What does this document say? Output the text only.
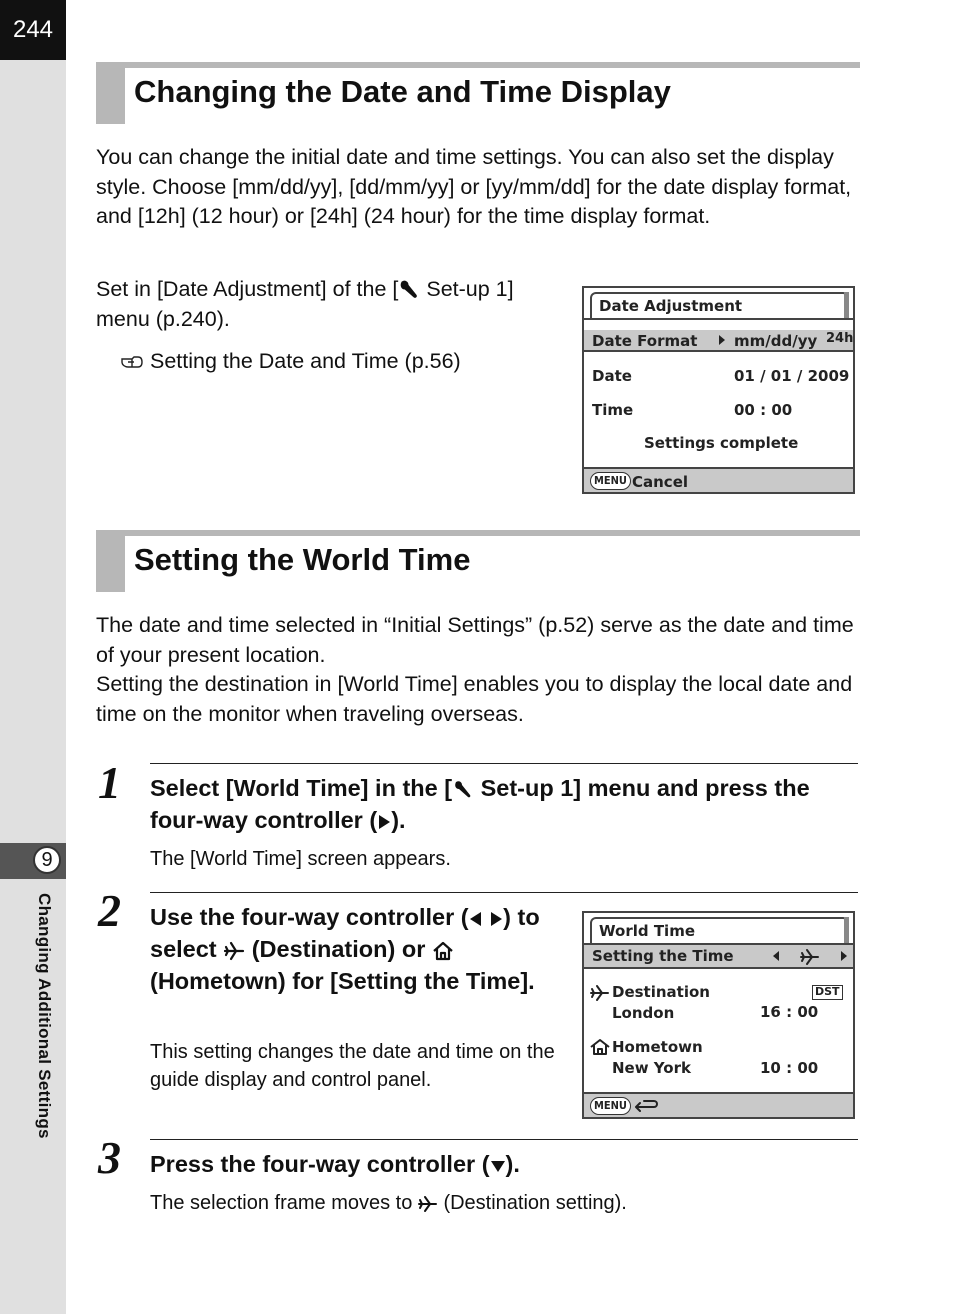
244
9
Changing Additional Settings
Changing the Date and Time Display

You can change the initial date and time settings. You can also set the display style. Choose [mm/dd/yy], [dd/mm/yy] or [yy/mm/dd] for the date display format, and [12h] (12 hour) or [24h] (24 hour) for the time display format.

Set in [Date Adjustment] of the [
Set-up 1] menu (p.240).

Setting the Date and Time (p.56)
Date Adjustment
Date Format mm/dd/yy 24h
Date	01 / 01 / 2009
Time	00 : 00
Settings complete
MENU Cancel
Setting the World Time

The date and time selected in “Initial Settings” (p.52) serve as the date and time of your present location.

Setting the destination in [World Time] enables you to display the local date and time on the monitor when traveling overseas.

1 Select [World Time] in the [
Set-up 1] menu and press the four-way controller ( ).

The [World Time] screen appears.

2 Use the four-way controller (
) to select
(Destination) or
(Hometown) for [Setting the Time].

This setting changes the date and time on the guide display and control panel.

World Time
Setting the Time
Destination	DST
London	16 : 00
Hometown
New York	10 : 00
MENU
3 Press the four-way controller ( ).

The selection frame moves to
(Destination setting).
